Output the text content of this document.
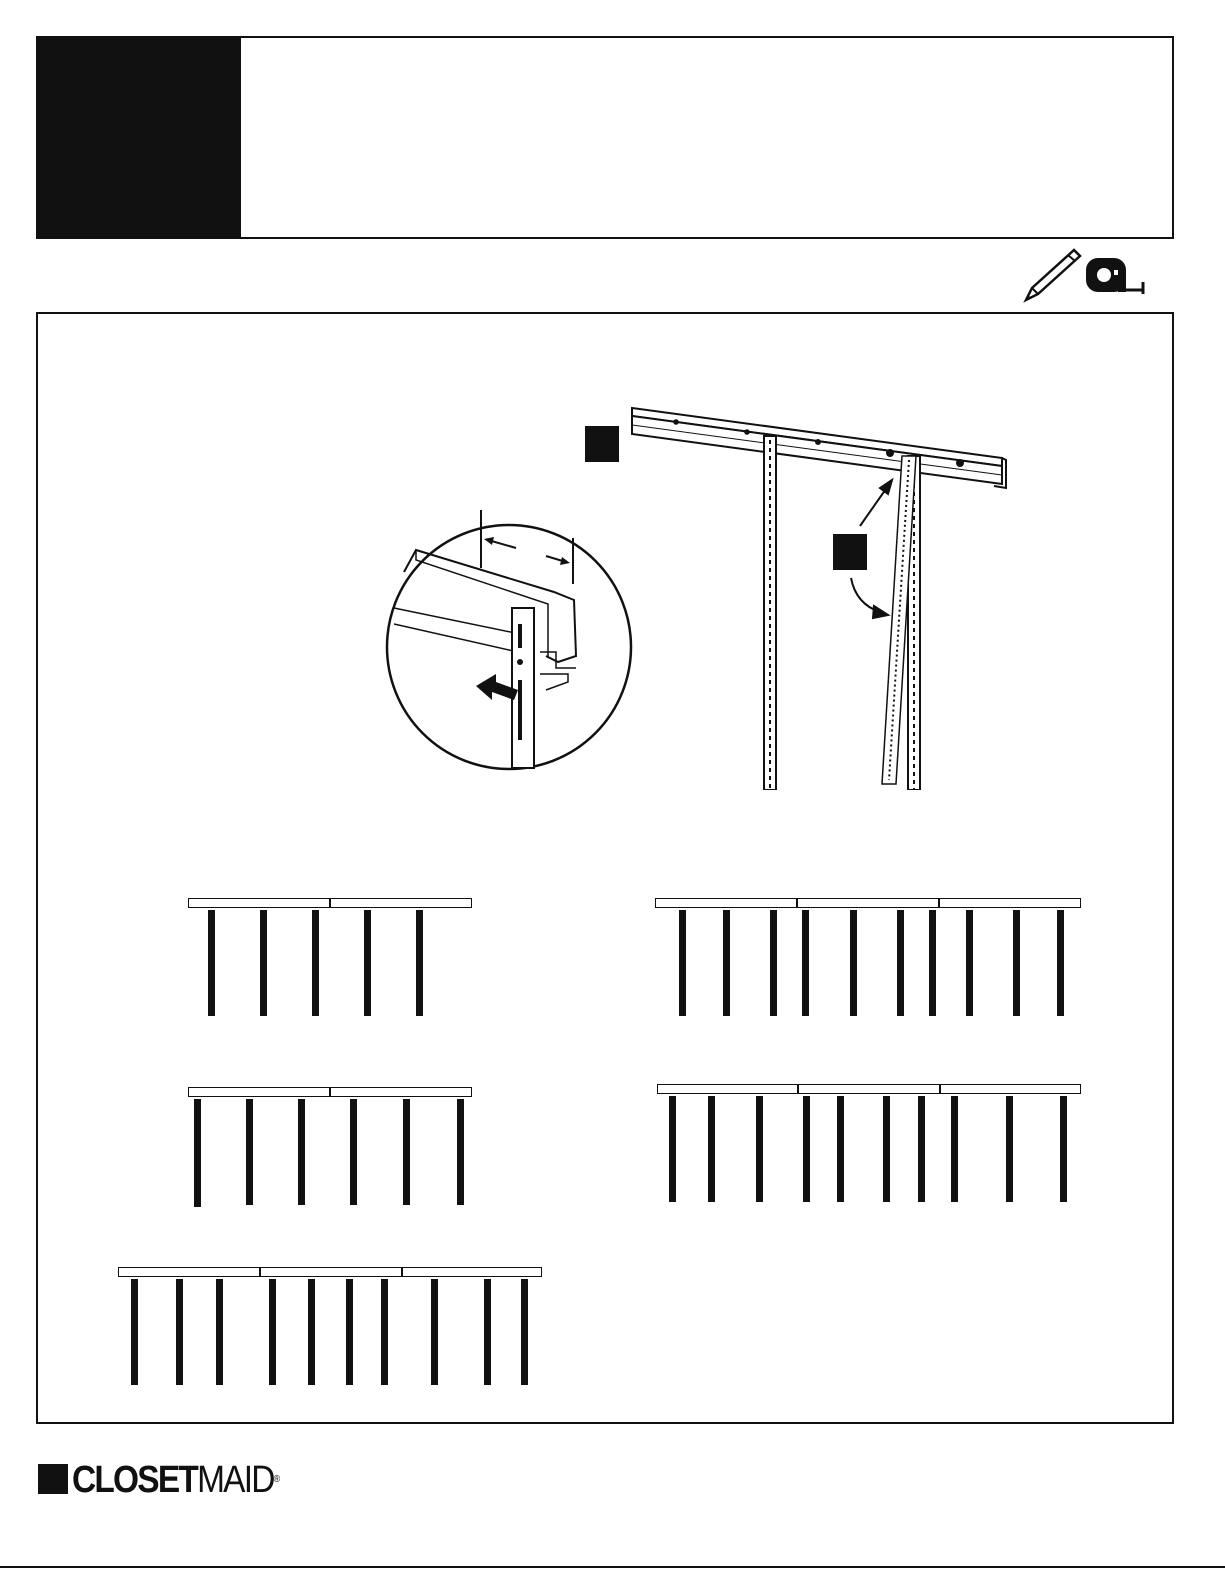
CLOSETMAID®
